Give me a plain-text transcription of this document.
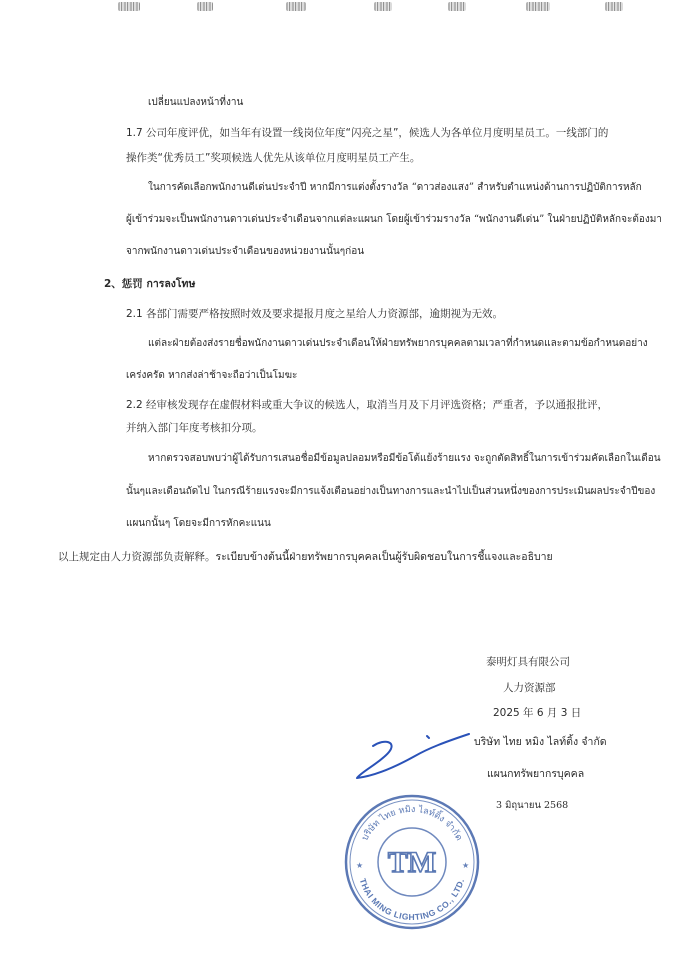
เปลี่ยนแปลงหน้าที่งาน
1.7 公司年度评优，如当年有设置一线岗位年度“闪亮之星”，候选人为各单位月度明星员工。一线部门的
操作类“优秀员工”奖项候选人优先从该单位月度明星员工产生。
ในการคัดเลือกพนักงานดีเด่นประจำปี หากมีการแต่งตั้งรางวัล “ดาวส่องแสง” สำหรับตำแหน่งด้านการปฏิบัติการหลัก
ผู้เข้าร่วมจะเป็นพนักงานดาวเด่นประจำเดือนจากแต่ละแผนก โดยผู้เข้าร่วมรางวัล “พนักงานดีเด่น” ในฝ่ายปฏิบัติหลักจะต้องมา
จากพนักงานดาวเด่นประจำเดือนของหน่วยงานนั้นๆก่อน
2、惩罚 การลงโทษ
2.1 各部门需要严格按照时效及要求提报月度之星给人力资源部，逾期视为无效。
แต่ละฝ่ายต้องส่งรายชื่อพนักงานดาวเด่นประจำเดือนให้ฝ่ายทรัพยากรบุคคลตามเวลาที่กำหนดและตามข้อกำหนดอย่าง
เคร่งครัด หากส่งล่าช้าจะถือว่าเป็นโมฆะ
2.2 经审核发现存在虚假材料或重大争议的候选人，取消当月及下月评选资格；严重者，予以通报批评，
并纳入部门年度考核扣分项。
หากตรวจสอบพบว่าผู้ได้รับการเสนอชื่อมีข้อมูลปลอมหรือมีข้อโต้แย้งร้ายแรง จะถูกตัดสิทธิ์ในการเข้าร่วมคัดเลือกในเดือน
นั้นๆและเดือนถัดไป ในกรณีร้ายแรงจะมีการแจ้งเตือนอย่างเป็นทางการและนำไปเป็นส่วนหนึ่งของการประเมินผลประจำปีของ
แผนกนั้นๆ โดยจะมีการหักคะแนน
以上规定由人力资源部负责解释。ระเบียบข้างต้นนี้ฝ่ายทรัพยากรบุคคลเป็นผู้รับผิดชอบในการชี้แจงและอธิบาย
泰明灯具有限公司
人力资源部
2025 年 6 月 3 日
บริษัท ไทย หมิง ไลท์ติ้ง จำกัด
แผนกทรัพยากรบุคคล
3 มิถุนายน 2568
บริษัท ไทย หมิง ไลท์ติ้ง จำกัด
THAI MING LIGHTING CO., LTD.
TM
★	★
